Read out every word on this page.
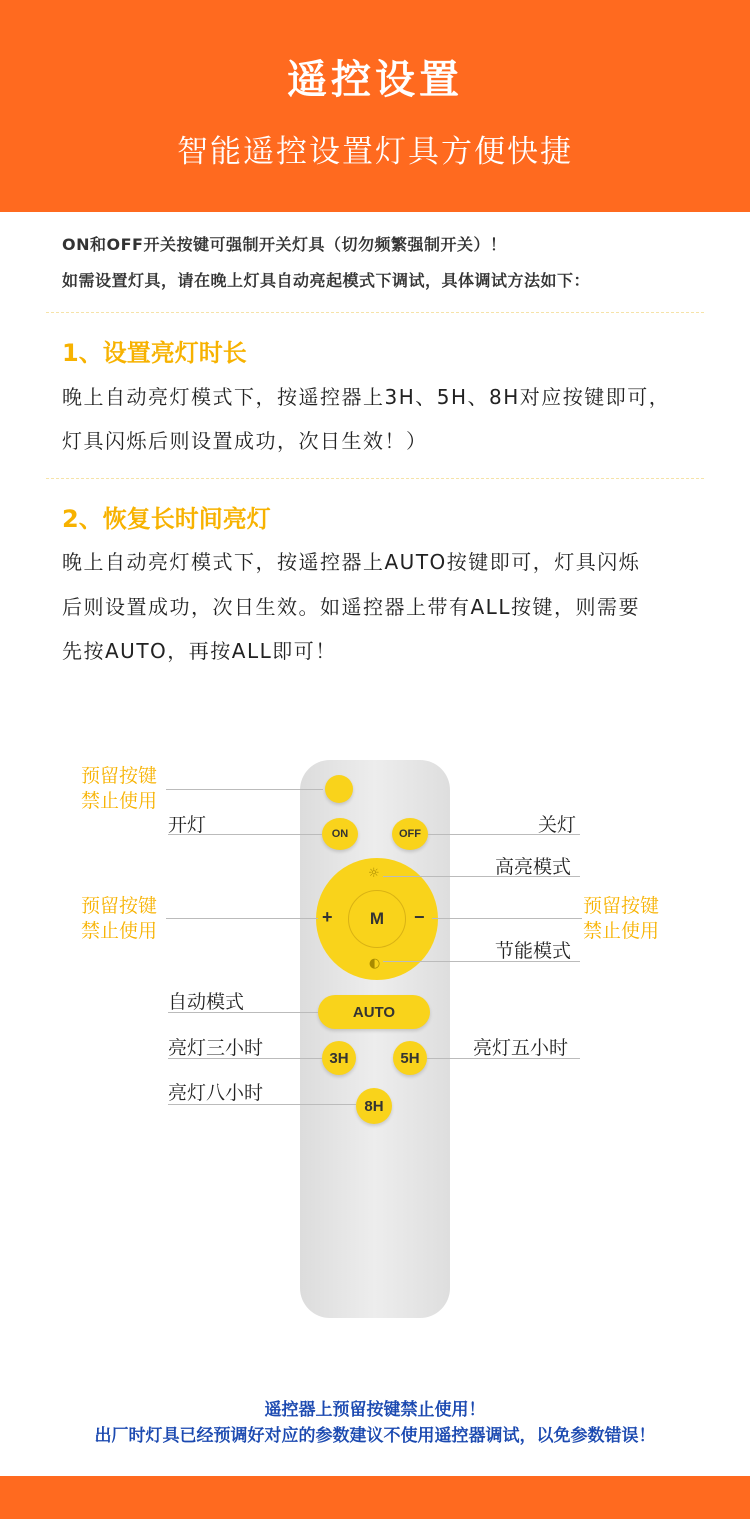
遥控设置
智能遥控设置灯具方便快捷
ON和OFF开关按键可强制开关灯具（切勿频繁强制开关）！
如需设置灯具，请在晚上灯具自动亮起模式下调试，具体调试方法如下：
1、设置亮灯时长
晚上自动亮灯模式下，按遥控器上3H、5H、8H对应按键即可，
灯具闪烁后则设置成功，次日生效！）
2、恢复长时间亮灯
晚上自动亮灯模式下，按遥控器上AUTO按键即可，灯具闪烁
后则设置成功，次日生效。如遥控器上带有ALL按键，则需要
先按AUTO，再按ALL即可！
ON	OFF
☼
◐
+	−
M
AUTO
3H	5H
8H
预留按键
禁止使用
开灯	关灯
高亮模式
预留按键
禁止使用
预留按键
禁止使用
节能模式
自动模式
亮灯三小时	亮灯五小时
亮灯八小时
遥控器上预留按键禁止使用！
出厂时灯具已经预调好对应的参数建议不使用遥控器调试，以免参数错误！
